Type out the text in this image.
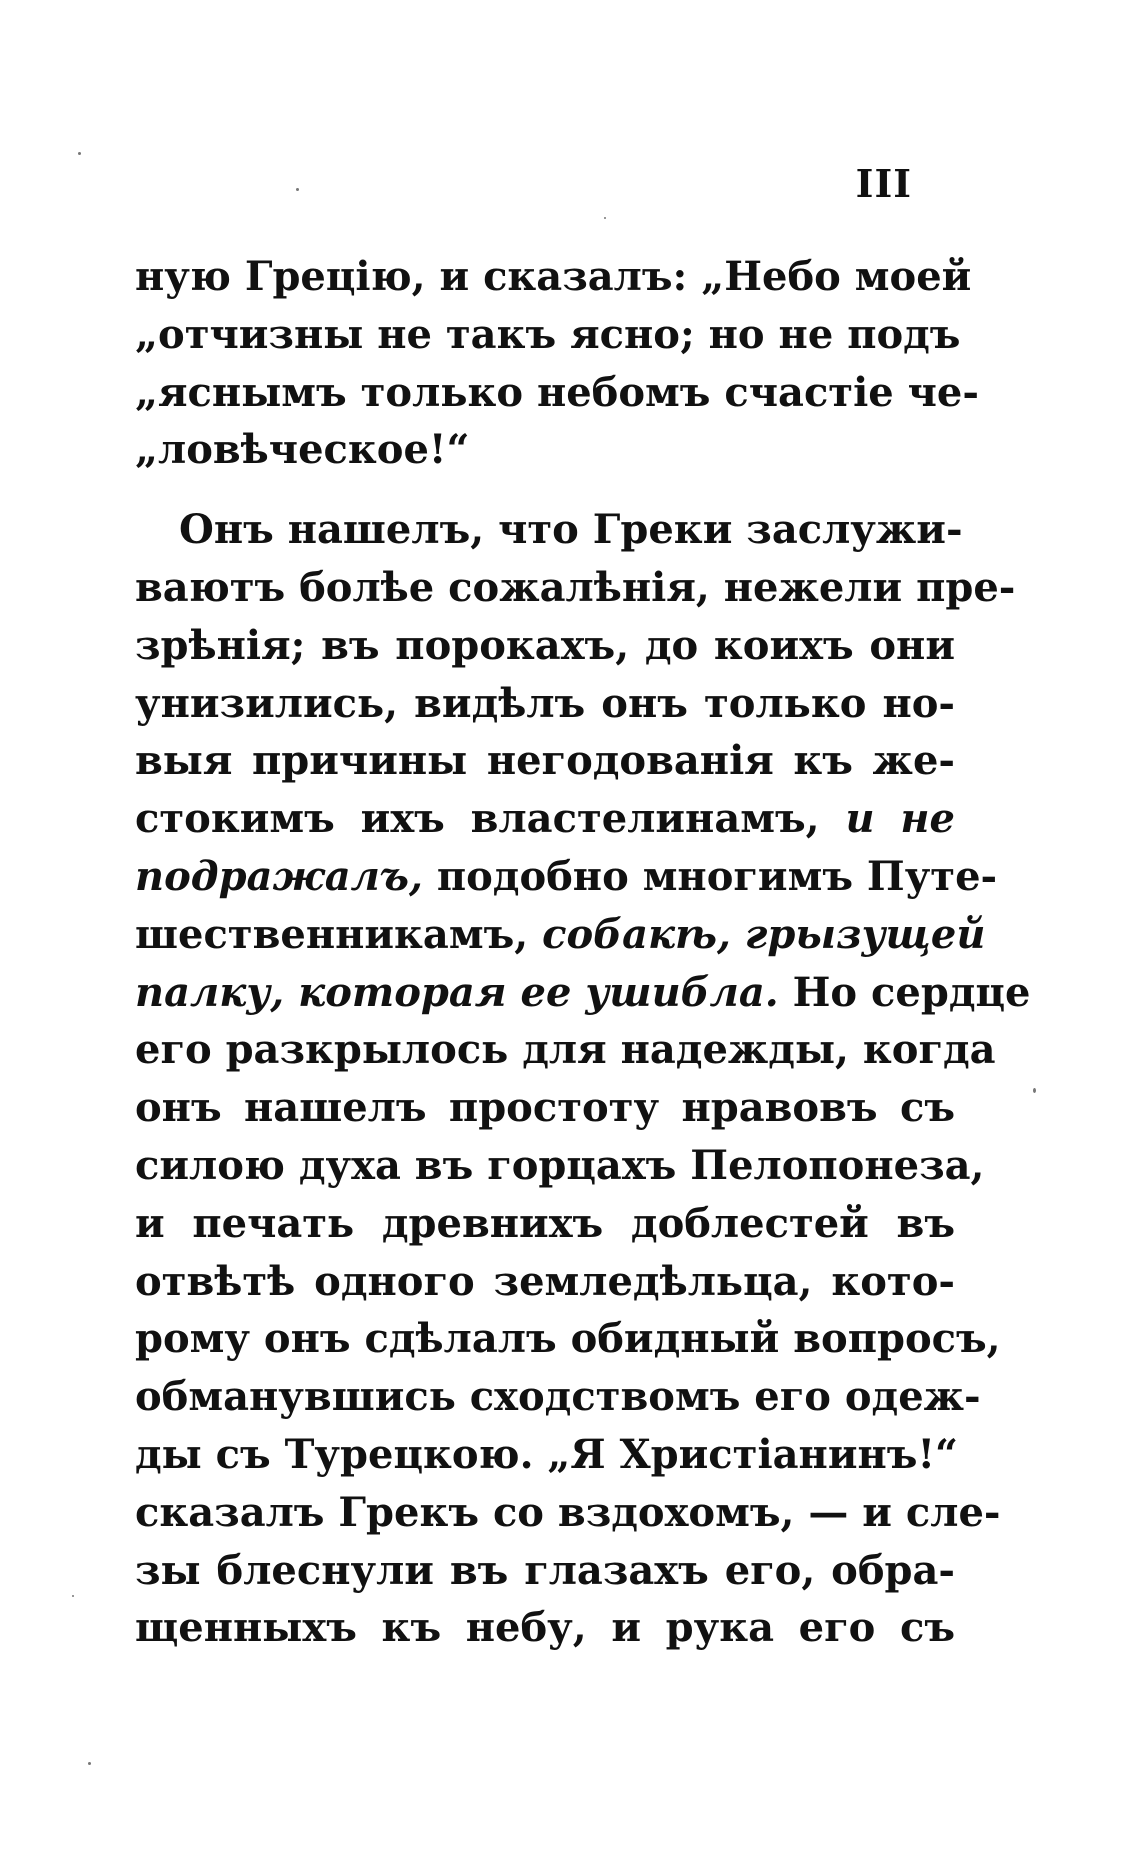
III
ную Грецію, и сказалъ: „Небо моей
„отчизны не такъ ясно; но не подъ
„яснымъ только небомъ счастіе че-
„ловѣческое!“
Онъ нашелъ, что Греки заслужи-
ваютъ болѣе сожалѣнія, нежели пре-
зрѣнія; въ порокахъ, до коихъ они
унизились, видѣлъ онъ только но-
выя причины негодованія къ же-
стокимъ ихъ властелинамъ, и не
подражалъ, подобно многимъ Путе-
шественникамъ, собакѣ, грызущей
палку, которая ее ушибла. Но сердце
его разкрылось для надежды, когда
онъ нашелъ простоту нравовъ съ
силою духа въ горцахъ Пелопонеза,
и печать древнихъ доблестей въ
отвѣтѣ одного земледѣльца, кото-
рому онъ сдѣлалъ обидный вопросъ,
обманувшись сходствомъ его одеж-
ды съ Турецкою. „Я Христіанинъ!“
сказалъ Грекъ со вздохомъ, — и сле-
зы блеснули въ глазахъ его, обра-
щенныхъ къ небу, и рука его съ
